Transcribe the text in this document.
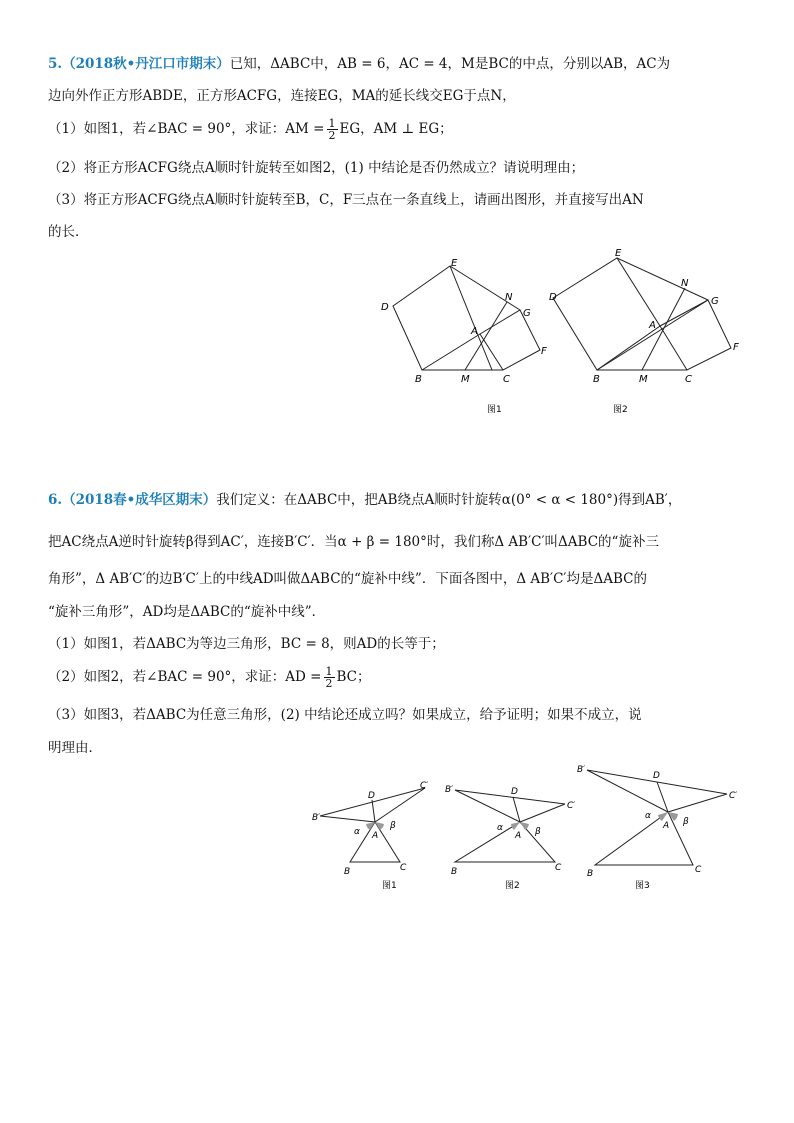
5.（2018秋•丹江口市期末）已知，ΔABC中，AB = 6，AC = 4，M是BC的中点，分别以AB，AC为
边向外作正方形ABDE，正方形ACFG，连接EG，MA的延长线交EG于点N，
（1）如图1，若∠BAC = 90°，求证：AM = $\frac{1}{2}$ EG，AM ⊥ EG；
（2）将正方形ACFG绕点A顺时针旋转至如图2，(1) 中结论是否仍然成立？请说明理由；
（3）将正方形ACFG绕点A顺时针旋转至B，C，F三点在一条直线上，请画出图形，并直接写出AN
的长．
D
E
N
G
A
F
B	M	C
图1
D
E
N
G
A
F
B	M	C
图2
6.（2018春•成华区期末）我们定义：在ΔABC中，把AB绕点A顺时针旋转α(0° < α < 180°)得到AB′，
把AC绕点A逆时针旋转β得到AC′，连接B′C′．当α + β = 180°时，我们称Δ AB′C′叫ΔABC的“旋补三
角形”，Δ AB′C′的边B′C′上的中线AD叫做ΔABC的“旋补中线”．下面各图中，Δ AB′C′均是ΔABC的
“旋补三角形”，AD均是ΔABC的“旋补中线”．
（1）如图1，若ΔABC为等边三角形，BC = 8，则AD的长等于；
（2）如图2，若∠BAC = 90°，求证：AD = $\frac{1}{2}$ BC；
（3）如图3，若ΔABC为任意三角形，(2) 中结论还成立吗？如果成立，给予证明；如果不成立，说
明理由．
D
C′
B′
α
β
A
B	C
图1
D
C′
B′
α	β
A
B	C
图2
D
C′
B′
α
β
A
B	C
图3
